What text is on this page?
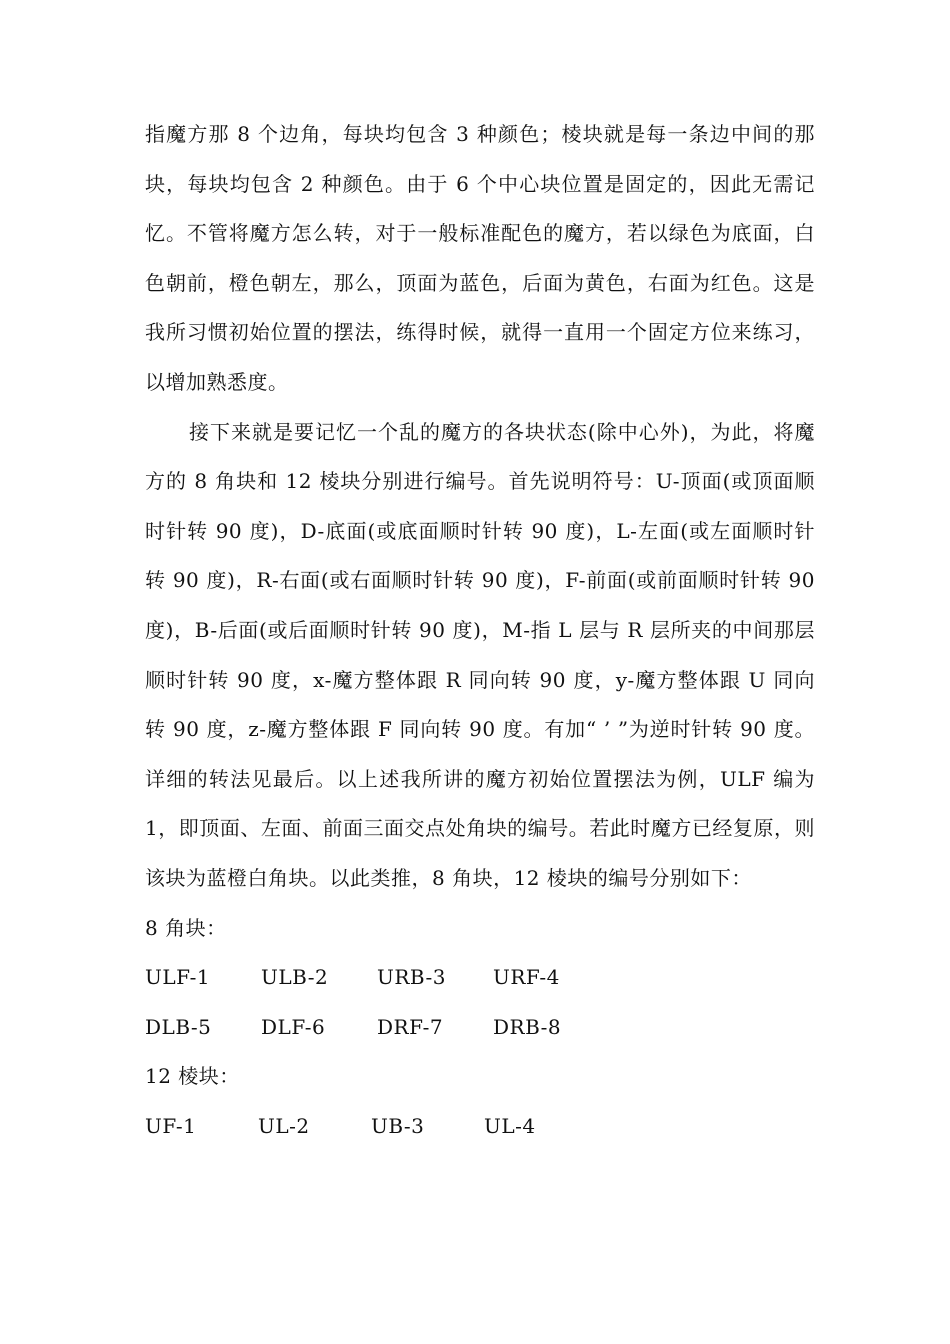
指魔方那 8 个边角，每块均包含 3 种颜色；棱块就是每一条边中间的那块，每块均包含 2 种颜色。由于 6 个中心块位置是固定的，因此无需记忆。不管将魔方怎么转，对于一般标准配色的魔方，若以绿色为底面，白色朝前，橙色朝左，那么，顶面为蓝色，后面为黄色，右面为红色。这是我所习惯初始位置的摆法，练得时候，就得一直用一个固定方位来练习，以增加熟悉度。

接下来就是要记忆一个乱的魔方的各块状态(除中心外)，为此，将魔方的 8 角块和 12 棱块分别进行编号。首先说明符号：U-顶面(或顶面顺时针转 90 度)，D-底面(或底面顺时针转 90 度)，L-左面(或左面顺时针转 90 度)，R-右面(或右面顺时针转 90 度)，F-前面(或前面顺时针转 90 度)，B-后面(或后面顺时针转 90 度)，M-指 L 层与 R 层所夹的中间那层顺时针转 90 度，x-魔方整体跟 R 同向转 90 度，y-魔方整体跟 U 同向转 90 度，z-魔方整体跟 F 同向转 90 度。有加“ ’ ”为逆时针转 90 度。详细的转法见最后。以上述我所讲的魔方初始位置摆法为例，ULF 编为 1，即顶面、左面、前面三面交点处角块的编号。若此时魔方已经复原，则该块为蓝橙白角块。以此类推，8 角块，12 棱块的编号分别如下：

8 角块：

ULF-1	ULB-2 URB-3 URF-4
DLB-5 DLF-6	DRF-7 DRB-8

12 棱块：

UF-1	UL-2	UB-3	UL-4
